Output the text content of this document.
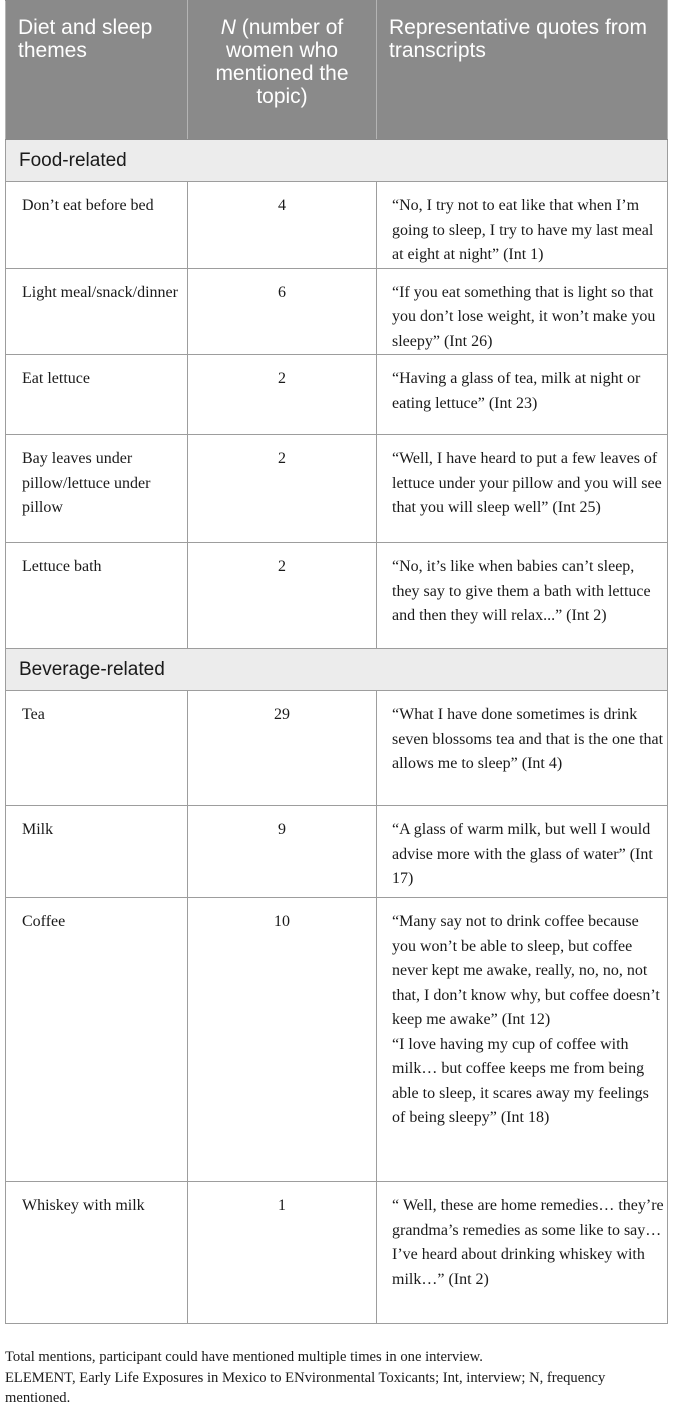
Diet and sleep themes	N (number of women who mentioned the topic)	Representative quotes from transcripts
Food-related		
Don’t eat before bed	4	“No, I try not to eat like that when I’m going to sleep, I try to have my last meal at eight at night” (Int 1)
Light meal/snack/dinner	6	“If you eat something that is light so that you don’t lose weight, it won’t make you sleepy” (Int 26)
Eat lettuce	2	“Having a glass of tea, milk at night or eating lettuce” (Int 23)
Bay leaves under pillow/lettuce under pillow	2	“Well, I have heard to put a few leaves of lettuce under your pillow and you will see that you will sleep well” (Int 25)
Lettuce bath	2	“No, it’s like when babies can’t sleep, they say to give them a bath with lettuce and then they will relax...” (Int 2)
Beverage-related		
Tea	29	“What I have done sometimes is drink seven blossoms tea and that is the one that allows me to sleep” (Int 4)
Milk	9	“A glass of warm milk, but well I would advise more with the glass of water” (Int 17)
Coffee	10	“Many say not to drink coffee because you won’t be able to sleep, but coffee never kept me awake, really, no, no, not that, I don’t know why, but coffee doesn’t keep me awake” (Int 12)
“I love having my cup of coffee with milk… but coffee keeps me from being able to sleep, it scares away my feelings of being sleepy” (Int 18)

Whiskey with milk	1	“ Well, these are home remedies… they’re grandma’s remedies as some like to say… I’ve heard about drinking whiskey with milk…” (Int 2)

Total mentions, participant could have mentioned multiple times in one interview.

ELEMENT, Early Life Exposures in Mexico to ENvironmental Toxicants; Int, interview; N, frequency mentioned.
